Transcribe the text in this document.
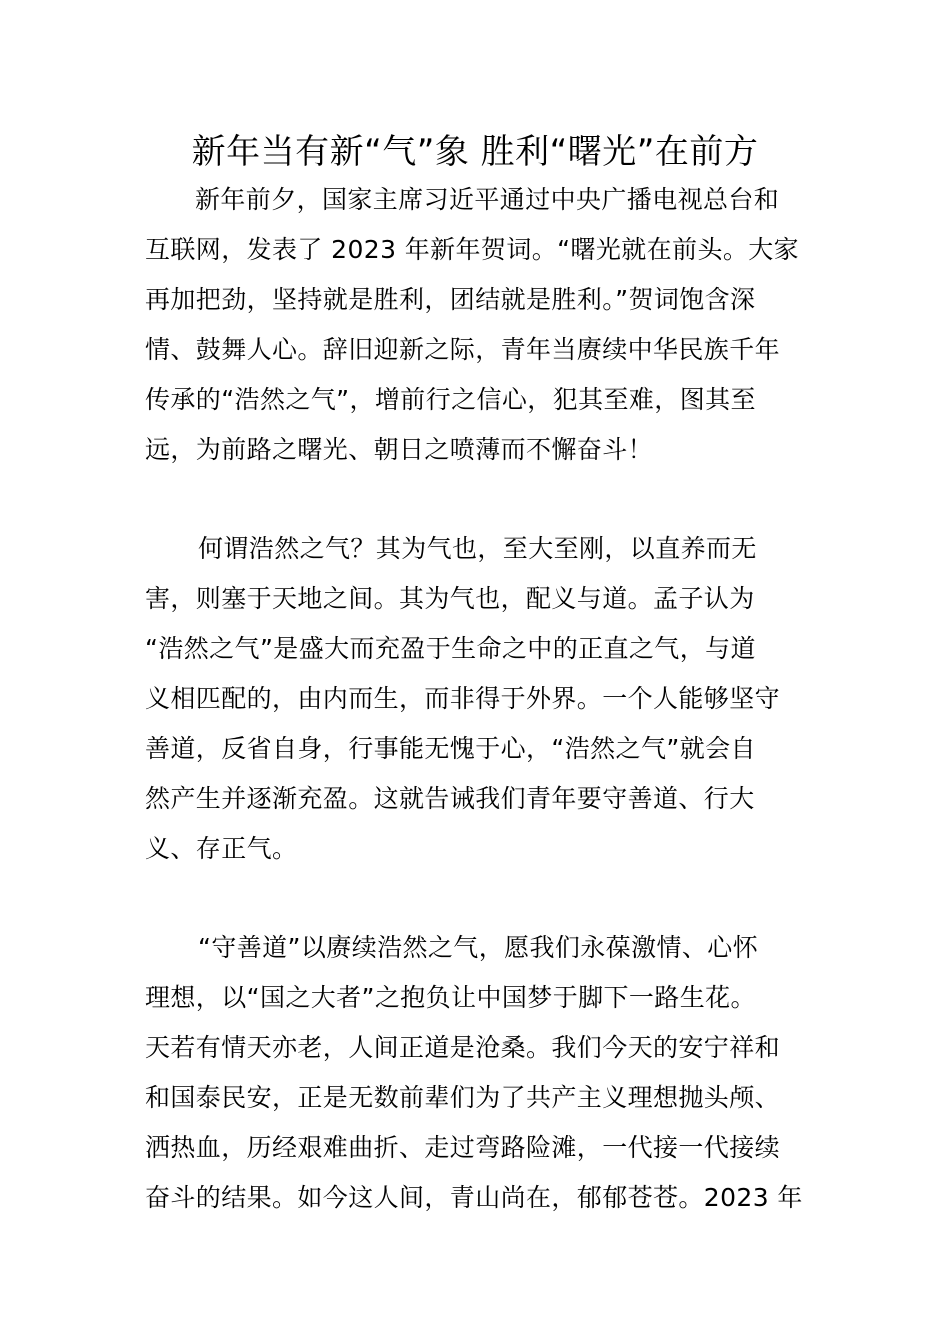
新年当有新“气”象 胜利“曙光”在前方
新年前夕，国家主席习近平通过中央广播电视总台和
互联网，发表了 2023 年新年贺词。“曙光就在前头。大家
再加把劲，坚持就是胜利，团结就是胜利。”贺词饱含深
情、鼓舞人心。辞旧迎新之际，青年当赓续中华民族千年
传承的“浩然之气”，增前行之信心，犯其至难，图其至
远，为前路之曙光、朝日之喷薄而不懈奋斗！
何谓浩然之气？其为气也，至大至刚，以直养而无
害，则塞于天地之间。其为气也，配义与道。孟子认为
“浩然之气”是盛大而充盈于生命之中的正直之气，与道
义相匹配的，由内而生，而非得于外界。一个人能够坚守
善道，反省自身，行事能无愧于心，“浩然之气”就会自
然产生并逐渐充盈。这就告诫我们青年要守善道、行大
义、存正气。
“守善道”以赓续浩然之气，愿我们永葆激情、心怀
理想，以“国之大者”之抱负让中国梦于脚下一路生花。
天若有情天亦老，人间正道是沧桑。我们今天的安宁祥和
和国泰民安，正是无数前辈们为了共产主义理想抛头颅、
洒热血，历经艰难曲折、走过弯路险滩，一代接一代接续
奋斗的结果。如今这人间，青山尚在，郁郁苍苍。2023 年
